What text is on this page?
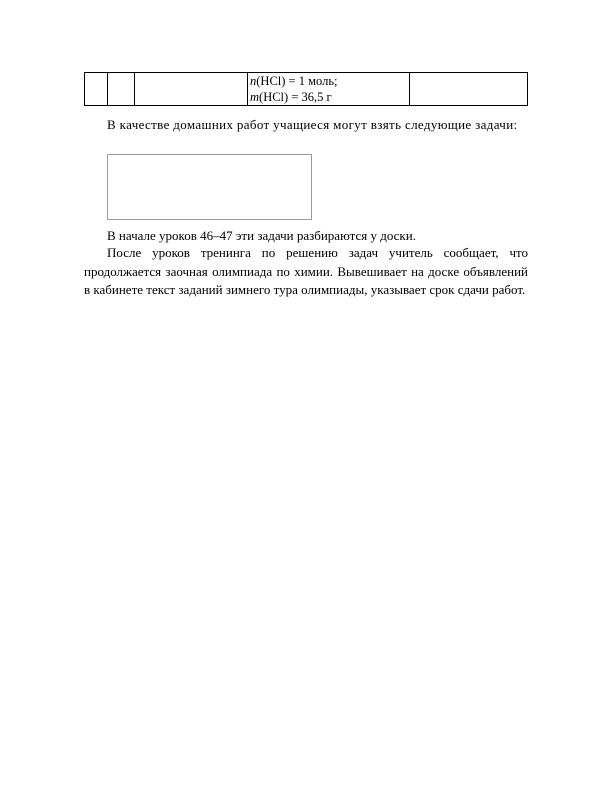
n(HCl) = 1 моль;
m(HCl) = 36,5 г

В качестве домашних работ учащиеся могут взять следующие задачи:

В начале уроков 46–47 эти задачи разбираются у доски.

После уроков тренинга по решению задач учитель сообщает, что продолжается заочная олимпиада по химии. Вывешивает на доске объявлений в кабинете текст заданий зимнего тура олимпиады, указывает срок сдачи работ.
